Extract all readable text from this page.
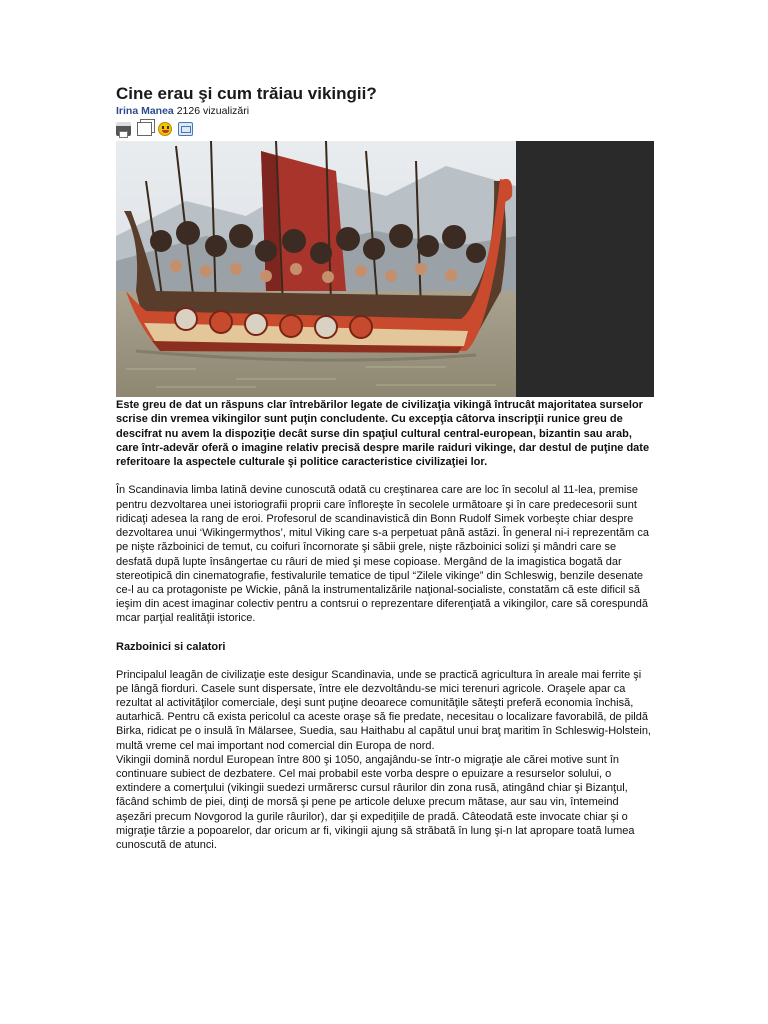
Cine erau şi cum trăiau vikingii?
Irina Manea 2126 vizualizări

Este greu de dat un răspuns clar întrebărilor legate de civilizaţia vikingă întrucât majoritatea surselor scrise din vremea vikingilor sunt puţin concludente. Cu excepţia câtorva inscripţii runice greu de descifrat nu avem la dispoziţie decât surse din spaţiul cultural central-european, bizantin sau arab, care într-adevăr oferă o imagine relativ precisă despre marile raiduri vikinge, dar destul de puţine date referitoare la aspectele culturale şi politice caracteristice civilizaţiei lor.

În Scandinavia limba latină devine cunoscută odată cu creştinarea care are loc în secolul al 11-lea, premise pentru dezvoltarea unei istoriografii proprii care înfloreşte în secolele următoare şi în care predecesorii sunt ridicaţi adesea la rang de eroi. Profesorul de scandinavistică din Bonn Rudolf Simek vorbeşte chiar despre dezvoltarea unui ‘Wikingermythos’, mitul Viking care s-a perpetuat până astăzi. În general ni-i reprezentăm ca pe nişte războinici de temut, cu coifuri încornorate şi săbii grele, nişte războinici solizi şi mândri care se desfată după lupte însângertae cu râuri de mied şi mese copioase. Mergând de la imagistica bogată dar stereotipică din cinematografie, festivalurile tematice de tipul “Zilele vikinge” din Schleswig, benzile desenate ce-l au ca protagoniste pe Wickie, până la instrumentalizările naţional-socialiste, constatăm că este dificil să ieşim din acest imaginar colectiv pentru a contsrui o reprezentare diferenţiată a vikingilor, care să corespundă mcar parţial realităţii istorice.

Razboinici si calatori

Principalul leagăn de civilizaţie este desigur Scandinavia, unde se practică agricultura în areale mai ferrite şi pe lângă fiorduri. Casele sunt dispersate, între ele dezvoltându-se mici terenuri agricole. Oraşele apar ca rezultat al activităţilor comerciale, deşi sunt puţine deoarece comunităţile săteşti preferă economia închisă, autarhică. Pentru că exista pericolul ca aceste oraşe să fie predate, necesitau o localizare favorabilă, de pildă Birka, ridicat pe o insulă în Mälarsee, Suedia, sau Haithabu al capătul unui braţ maritim în Schleswig-Holstein, multă vreme cel mai important nod comercial din Europa de nord.

Vikingii domină nordul European între 800 şi 1050, angajându-se într-o migraţie ale cărei motive sunt în continuare subiect de dezbatere. Cel mai probabil este vorba despre o epuizare a resurselor solului, o extindere a comerţului (vikingii suedezi urmărersc cursul râurilor din zona rusă, atingând chiar şi Bizanţul, făcând schimb de piei, dinţi de morsă şi pene pe articole deluxe precum mătase, aur sau vin, întemeind aşezări precum Novgorod la gurile râurilor), dar şi expediţiile de pradă. Câteodată este invocate chiar şi o migraţie târzie a popoarelor, dar oricum ar fi, vikingii ajung să străbată în lung şi-n lat apropare toată lumea cunoscută de atunci.
